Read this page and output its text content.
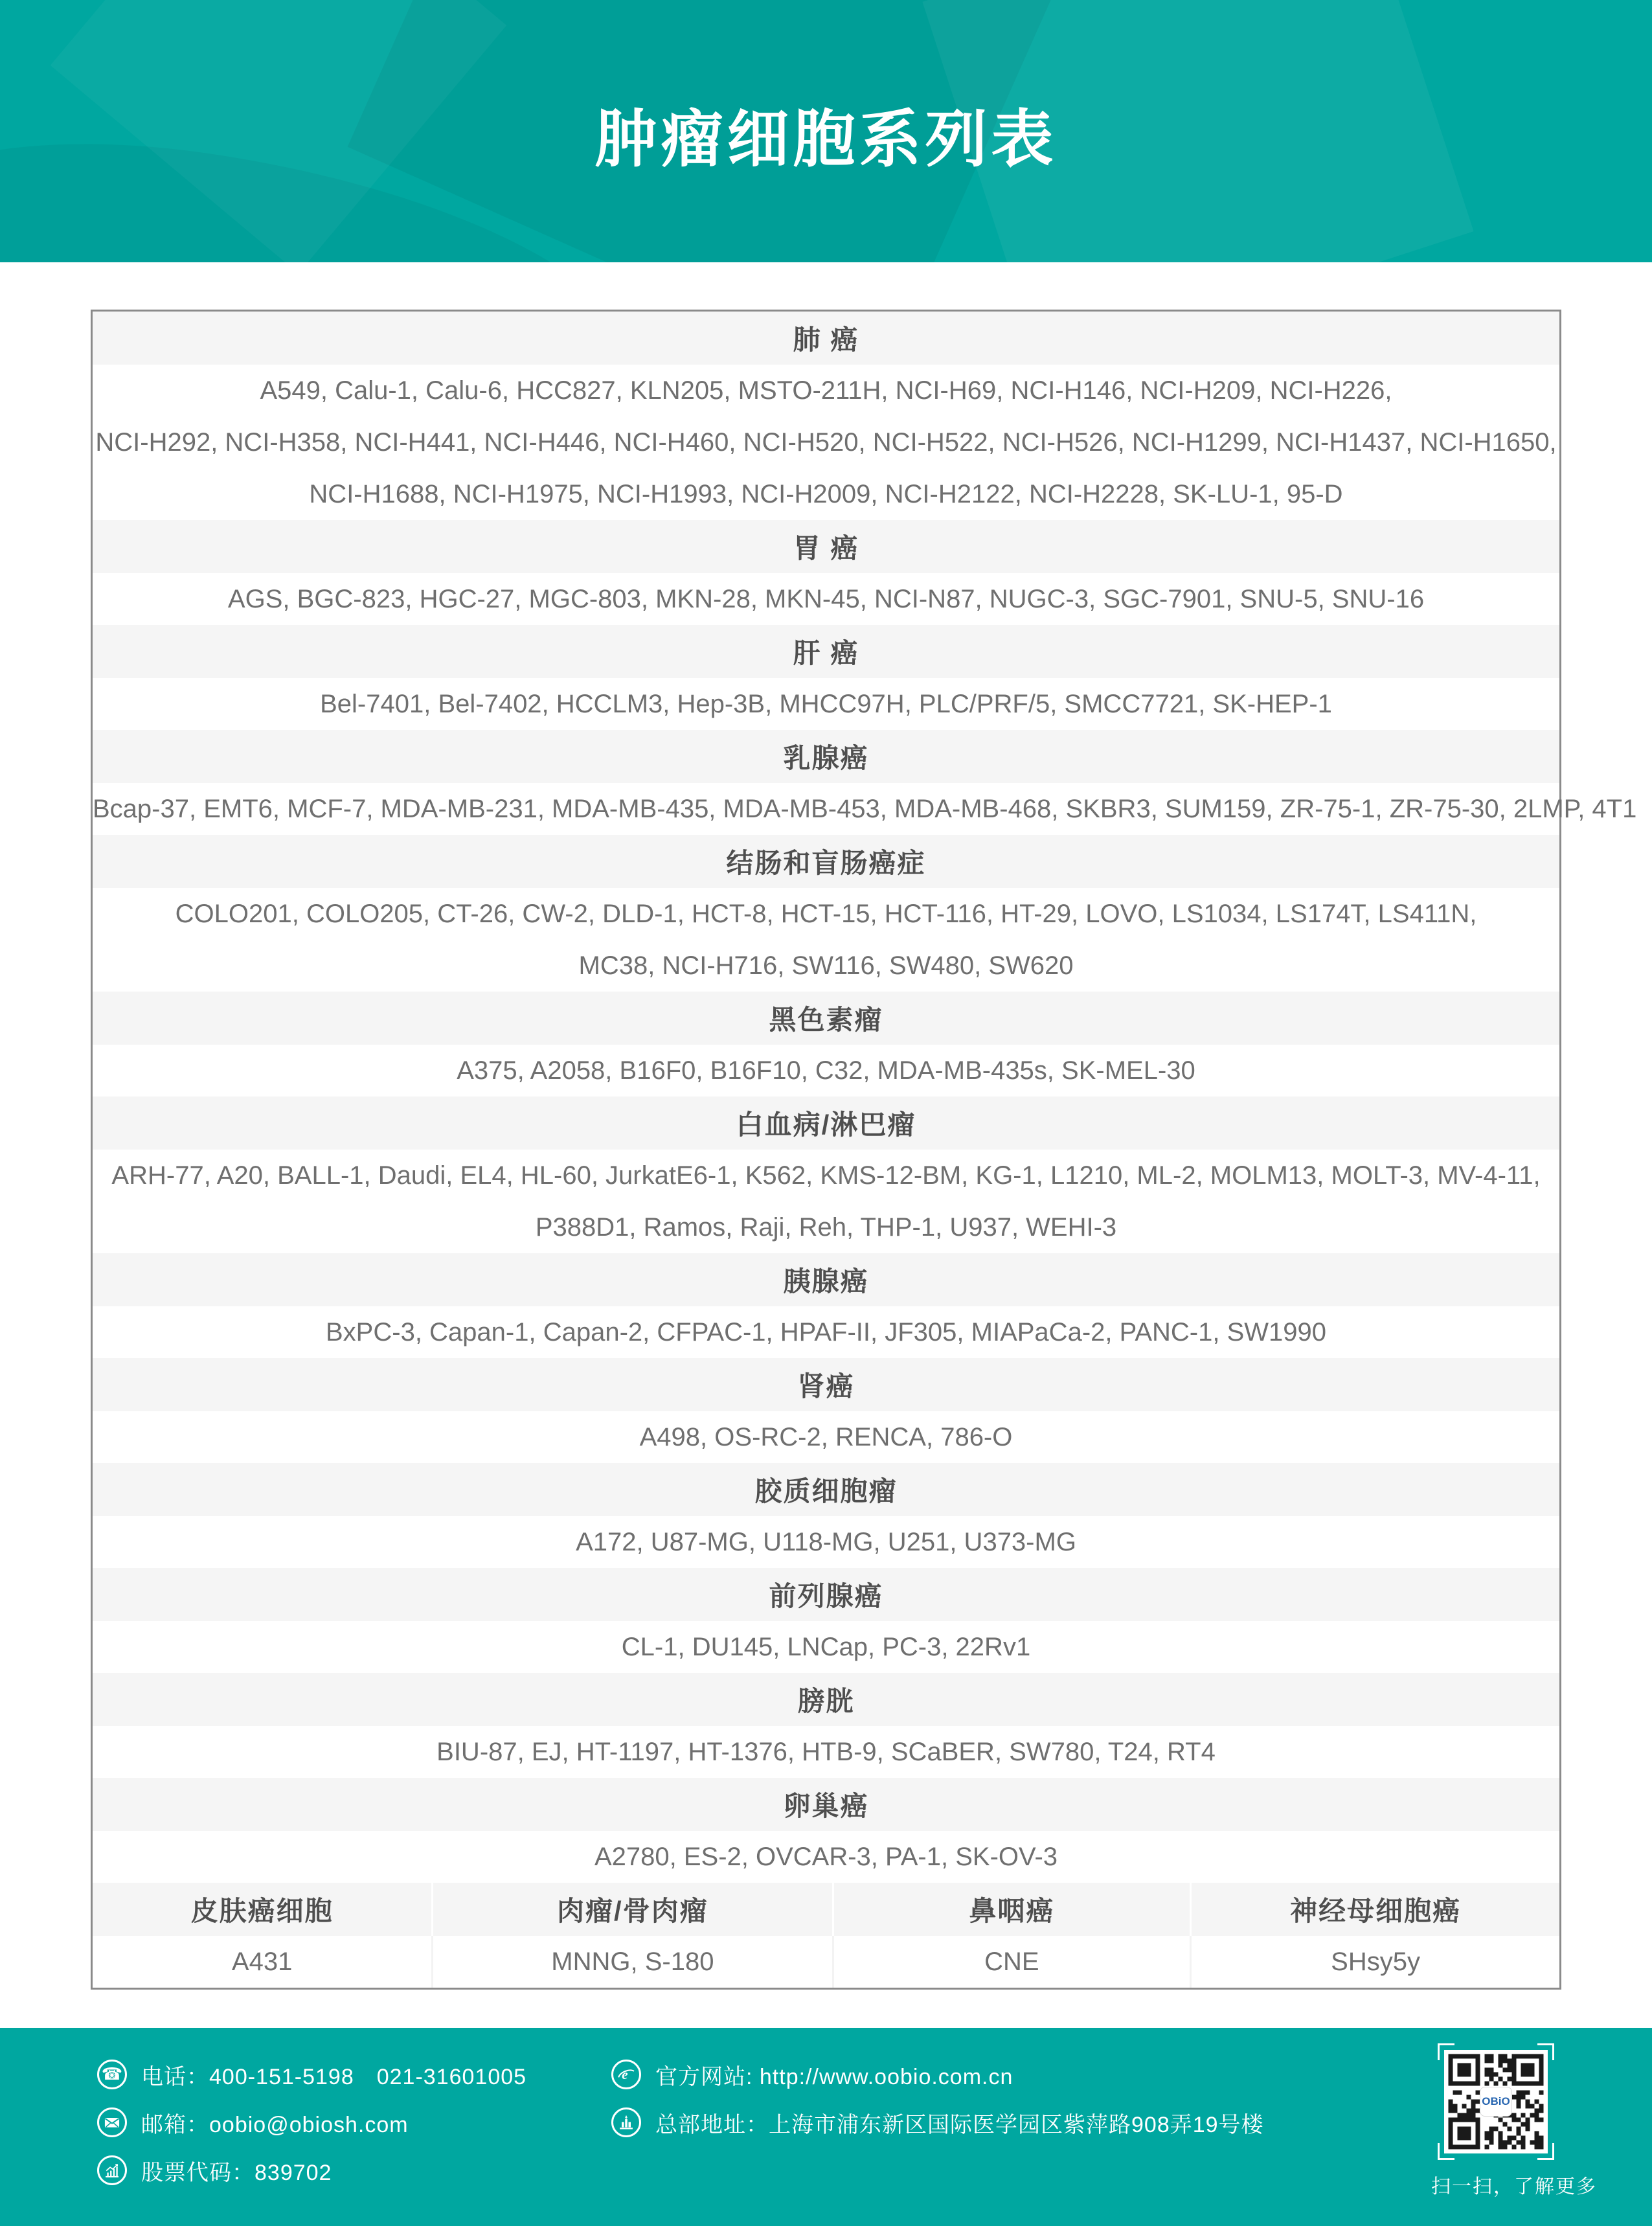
肿瘤细胞系列表
肺 癌
A549, Calu-1, Calu-6, HCC827, KLN205, MSTO-211H, NCI-H69, NCI-H146, NCI-H209, NCI-H226,
NCI-H292, NCI-H358, NCI-H441, NCI-H446, NCI-H460, NCI-H520, NCI-H522, NCI-H526, NCI-H1299, NCI-H1437, NCI-H1650,
NCI-H1688, NCI-H1975, NCI-H1993, NCI-H2009, NCI-H2122, NCI-H2228, SK-LU-1, 95-D
胃 癌
AGS, BGC-823, HGC-27, MGC-803, MKN-28, MKN-45, NCI-N87, NUGC-3, SGC-7901, SNU-5, SNU-16
肝 癌
Bel-7401, Bel-7402, HCCLM3, Hep-3B, MHCC97H, PLC/PRF/5, SMCC7721, SK-HEP-1
乳腺癌
Bcap-37, EMT6, MCF-7, MDA-MB-231, MDA-MB-435, MDA-MB-453, MDA-MB-468, SKBR3, SUM159, ZR-75-1, ZR-75-30, 2LMP, 4T1
结肠和盲肠癌症
COLO201, COLO205, CT-26, CW-2, DLD-1, HCT-8, HCT-15, HCT-116, HT-29, LOVO, LS1034, LS174T, LS411N,
MC38, NCI-H716, SW116, SW480, SW620
黑色素瘤
A375, A2058, B16F0, B16F10, C32, MDA-MB-435s, SK-MEL-30
白血病/淋巴瘤
ARH-77, A20, BALL-1, Daudi, EL4, HL-60, JurkatE6-1, K562, KMS-12-BM, KG-1, L1210, ML-2, MOLM13, MOLT-3, MV-4-11,
P388D1, Ramos, Raji, Reh, THP-1, U937, WEHI-3
胰腺癌
BxPC-3, Capan-1, Capan-2, CFPAC-1, HPAF-II, JF305, MIAPaCa-2, PANC-1, SW1990
肾癌
A498, OS-RC-2, RENCA, 786-O
胶质细胞瘤
A172, U87-MG, U118-MG, U251, U373-MG
前列腺癌
CL-1, DU145, LNCap, PC-3, 22Rv1
膀胱
BIU-87, EJ, HT-1197, HT-1376, HTB-9, SCaBER, SW780, T24, RT4
卵巢癌
A2780, ES-2, OVCAR-3, PA-1, SK-OV-3
皮肤癌细胞	肉瘤/骨肉瘤	鼻咽癌	神经母细胞癌
A431	MNNG, S-180	CNE	SHsy5y
☎ 电话：400-151-5198　021-31601005
邮箱：oobio@obiosh.com
股票代码：839702
e 官方网站: http://www.oobio.com.cn
总部地址：上海市浦东新区国际医学园区紫萍路908弄19号楼
OBiO
扫一扫，了解更多
